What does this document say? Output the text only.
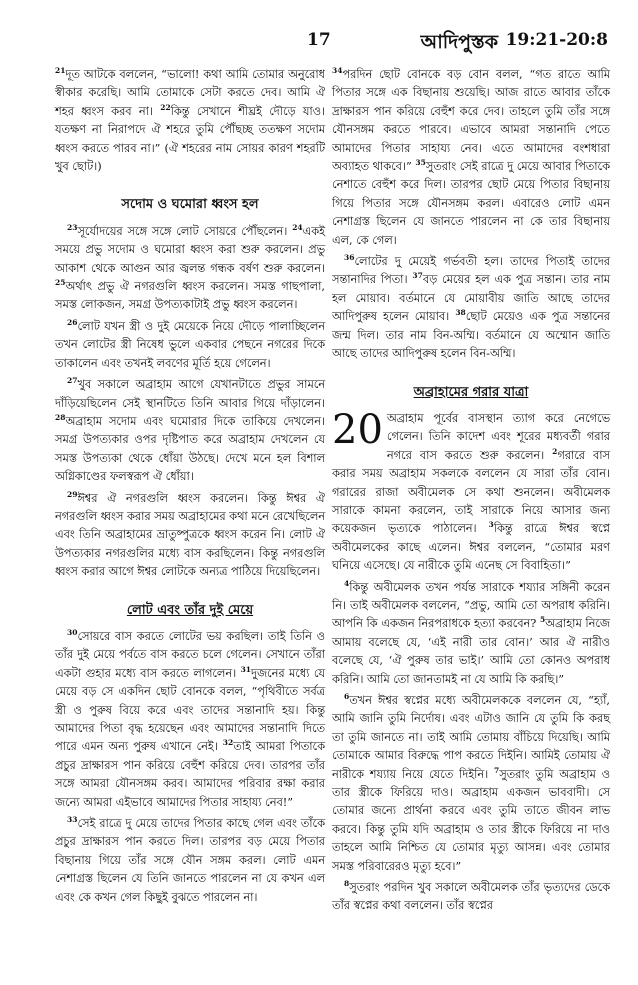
17	আদিপুস্তক 19:21-20:8

$^{21}$দূত আটকে বললেন, “ভালো! কথা আমি তোমার অনুরোধ স্বীকার করেছি। আমি তোমাকে সেটা করতে দেব। আমি ঐ শহর ধ্বংস করব না। $^{22}$কিন্তু সেখানে শীঘ্রই দৌড়ে যাও। যতক্ষণ না নিরাপদে ঐ শহরে তুমি পৌঁছচ্ছ ততক্ষণ সদোম ধ্বংস করতে পারব না।” (ঐ শহরের নাম সোয়র কারণ শহরটি খুব ছোট।)

সদোম ও ঘমোরা ধ্বংস হল

$^{23}$সূর্যোদয়ের সঙ্গে সঙ্গে লোট সোয়রে পৌঁছলেন। $^{24}$একই সময়ে প্রভু সদোম ও ঘমোরা ধ্বংস করা শুরু করলেন। প্রভু আকাশ থেকে আগুন আর জ্বলন্ত গন্ধক বর্ষণ শুরু করলেন। $^{25}$অর্থাৎ প্রভু ঐ নগরগুলি ধ্বংস করলেন। সমস্ত গাছপালা, সমস্ত লোকজন, সমগ্র উপত্যকাটাই প্রভু ধ্বংস করলেন।

$^{26}$লোট যখন স্ত্রী ও দুই মেয়েকে নিয়ে দৌড়ে পালাচ্ছিলেন তখন লোটের স্ত্রী নিষেধ ভুলে একবার পেছনে নগরের দিকে তাকালেন এবং তখনই লবণের মূর্তি হয়ে গেলেন।

$^{27}$খুব সকালে অব্রাহাম আগে যেখানটাতে প্রভুর সামনে দাঁড়িয়েছিলেন সেই স্থানটিতে তিনি আবার গিয়ে দাঁড়ালেন। $^{28}$অব্রাহাম সদোম এবং ঘমোরার দিকে তাকিয়ে দেখলেন। সমগ্র উপত্যকার ওপর দৃষ্টিপাত করে অব্রাহাম দেখলেন যে সমস্ত উপত্যকা থেকে ধোঁয়া উঠছে। দেখে মনে হল বিশাল অগ্নিকাণ্ডের ফলস্বরূপ ঐ ধোঁয়া।

$^{29}$ঈশ্বর ঐ নগরগুলি ধ্বংস করলেন। কিন্তু ঈশ্বর ঐ নগরগুলি ধ্বংস করার সময় অব্রাহামের কথা মনে রেখেছিলেন এবং তিনি অব্রাহামের ভ্রাতুষ্পুত্রকে ধ্বংস করেন নি। লোট ঐ উপত্যকার নগরগুলির মধ্যে বাস করছিলেন। কিন্তু নগরগুলি ধ্বংস করার আগে ঈশ্বর লোটকে অন্যত্র পাঠিয়ে দিয়েছিলেন।

লোট এবং তাঁর দুই মেয়ে

$^{30}$সোয়রে বাস করতে লোটের ভয় করছিল। তাই তিনি ও তাঁর দুই মেয়ে পর্বতে বাস করতে চলে গেলেন। সেখানে তাঁরা একটা গুহার মধ্যে বাস করতে লাগলেন। $^{31}$দুজনের মধ্যে যে মেয়ে বড় সে একদিন ছোট বোনকে বলল, “পৃথিবীতে সর্বত্র স্ত্রী ও পুরুষ বিয়ে করে এবং তাদের সন্তানাদি হয়। কিন্তু আমাদের পিতা বৃদ্ধ হয়েছেন এবং আমাদের সন্তানাদি দিতে পারে এমন অন্য পুরুষ এখানে নেই। $^{32}$তাই আমরা পিতাকে প্রচুর দ্রাক্ষারস পান করিয়ে বেহুঁশ করিয়ে দেব। তারপর তাঁর সঙ্গে আমরা যৌনসঙ্গম করব। আমাদের পরিবার রক্ষা করার জন্যে আমরা এইভাবে আমাদের পিতার সাহায্য নেব!”

$^{33}$সেই রাত্রে দু মেয়ে তাদের পিতার কাছে গেল এবং তাঁকে প্রচুর দ্রাক্ষারস পান করতে দিল। তারপর বড় মেয়ে পিতার বিছানায় গিয়ে তাঁর সঙ্গে যৌন সঙ্গম করল। লোট এমন নেশাগ্রস্ত ছিলেন যে তিনি জানতে পারলেন না যে কখন এল এবং কে কখন গেল কিছুই বুঝতে পারলেন না।

$^{34}$পরদিন ছোট বোনকে বড় বোন বলল, “গত রাতে আমি পিতার সঙ্গে এক বিছানায় শুয়েছি। আজ রাতে আবার তাঁকে দ্রাক্ষারস পান করিয়ে বেহুঁশ করে দেব। তাহলে তুমি তাঁর সঙ্গে যৌনসঙ্গম করতে পারবে। এভাবে আমরা সন্তানাদি পেতে আমাদের পিতার সাহায্য নেব। এতে আমাদের বংশধারা অব্যাহত থাকবে।” $^{35}$সুতরাং সেই রাত্রে দু মেয়ে আবার পিতাকে নেশাতে বেহুঁশ করে দিল। তারপর ছোট মেয়ে পিতার বিছানায় গিয়ে পিতার সঙ্গে যৌনসঙ্গম করল। এবারেও লোট এমন নেশাগ্রস্ত ছিলেন যে জানতে পারলেন না কে তার বিছানায় এল, কে গেল।

$^{36}$লোটের দু মেয়েই গর্ভবতী হল। তাদের পিতাই তাদের সন্তানাদির পিতা। $^{37}$বড় মেয়ের হল এক পুত্র সন্তান। তার নাম হল মোয়াব। বর্তমানে যে মোয়াবীয় জাতি আছে তাদের আদিপুরুষ হলেন মোয়াব। $^{38}$ছোট মেয়েও এক পুত্র সন্তানের জন্ম দিল। তার নাম বিন-অম্মি। বর্তমানে যে অম্মোন জাতি আছে তাদের আদিপুরুষ হলেন বিন-অম্মি।

অব্রাহামের গরার যাত্রা

20 অব্রাহাম পূর্বের বাসস্থান ত্যাগ করে নেগেভে গেলেন। তিনি কাদেশ এবং শূরের মধ্যবর্তী গরার নগরে বাস করতে শুরু করলেন। $^2$গরারে বাস করার সময় অব্রাহাম সকলকে বললেন যে সারা তাঁর বোন। গরারের রাজা অবীমেলক সে কথা শুনলেন। অবীমেলক সারাকে কামনা করলেন, তাই সারাকে নিয়ে আসার জন্য কয়েকজন ভৃত্যকে পাঠালেন। $^3$কিন্তু রাত্রে ঈশ্বর স্বপ্নে অবীমেলকের কাছে এলেন। ঈশ্বর বললেন, “তোমার মরণ ঘনিয়ে এসেছে। যে নারীকে তুমি এনেছ সে বিবাহিতা।”

$^4$কিন্তু অবীমেলক তখন পর্যন্ত সারাকে শয্যার সঙ্গিনী করেন নি। তাই অবীমেলক বললেন, “প্রভু, আমি তো অপরাধ করিনি। আপনি কি একজন নিরপরাধকে হত্যা করবেন? $^5$অব্রাহাম নিজে আমায় বলেছে যে, ‘এই নারী তার বোন।’ আর ঐ নারীও বলেছে যে, ‘ঐ পুরুষ তার ভাই।’ আমি তো কোনও অপরাধ করিনি। আমি তো জানতামই না যে আমি কি করছি।”

$^6$তখন ঈশ্বর স্বপ্নের মধ্যে অবীমেলককে বললেন যে, “হ্যাঁ, আমি জানি তুমি নির্দোষ। এবং এটাও জানি যে তুমি কি করছ তা তুমি জানতে না। তাই আমি তোমায় বাঁচিয়ে দিয়েছি। আমি তোমাকে আমার বিরুদ্ধে পাপ করতে দিইনি। আমিই তোমায় ঐ নারীকে শয্যায় নিয়ে যেতে দিইনি। $^7$সুতরাং তুমি অব্রাহাম ও তার স্ত্রীকে ফিরিয়ে দাও। অব্রাহাম একজন ভাববাদী। সে তোমার জন্যে প্রার্থনা করবে এবং তুমি তাতে জীবন লাভ করবে। কিন্তু তুমি যদি অব্রাহাম ও তার স্ত্রীকে ফিরিয়ে না দাও তাহলে আমি নিশ্চিত যে তোমার মৃত্যু আসন্ন। এবং তোমার সমস্ত পরিবারেরও মৃত্যু হবে।”

$^8$সুতরাং পরদিন খুব সকালে অবীমেলক তাঁর ভৃত্যদের ডেকে তাঁর স্বপ্নের কথা বললেন। তাঁর স্বপ্নের
